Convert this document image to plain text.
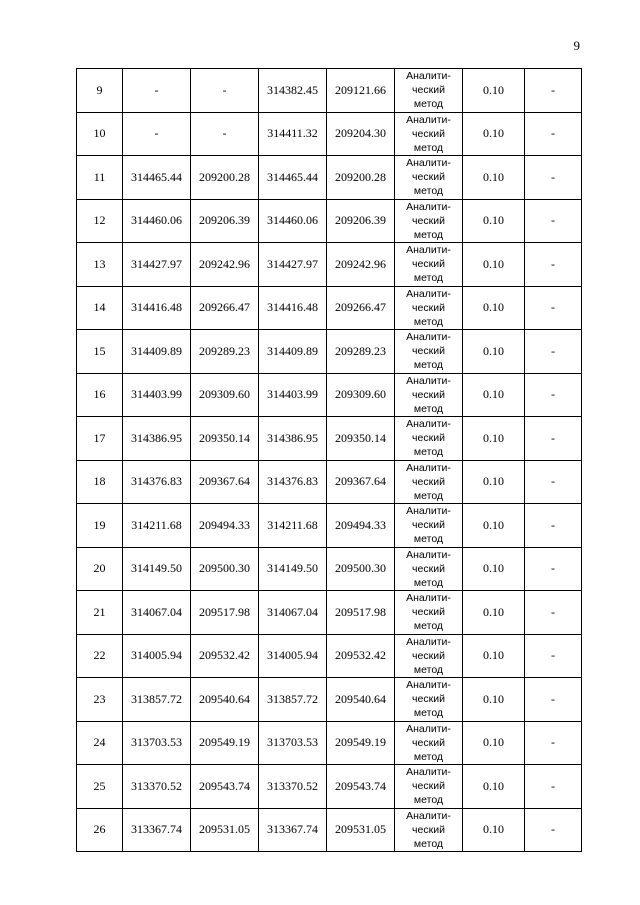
9
9	-	-	314382.45	209121.66	Аналити-
ческий
метод	0.10	-
10	-	-	314411.32	209204.30	Аналити-
ческий
метод	0.10	-
11	314465.44	209200.28	314465.44	209200.28	Аналити-
ческий
метод	0.10	-
12	314460.06	209206.39	314460.06	209206.39	Аналити-
ческий
метод	0.10	-
13	314427.97	209242.96	314427.97	209242.96	Аналити-
ческий
метод	0.10	-
14	314416.48	209266.47	314416.48	209266.47	Аналити-
ческий
метод	0.10	-
15	314409.89	209289.23	314409.89	209289.23	Аналити-
ческий
метод	0.10	-
16	314403.99	209309.60	314403.99	209309.60	Аналити-
ческий
метод	0.10	-
17	314386.95	209350.14	314386.95	209350.14	Аналити-
ческий
метод	0.10	-
18	314376.83	209367.64	314376.83	209367.64	Аналити-
ческий
метод	0.10	-
19	314211.68	209494.33	314211.68	209494.33	Аналити-
ческий
метод	0.10	-
20	314149.50	209500.30	314149.50	209500.30	Аналити-
ческий
метод	0.10	-
21	314067.04	209517.98	314067.04	209517.98	Аналити-
ческий
метод	0.10	-
22	314005.94	209532.42	314005.94	209532.42	Аналити-
ческий
метод	0.10	-
23	313857.72	209540.64	313857.72	209540.64	Аналити-
ческий
метод	0.10	-
24	313703.53	209549.19	313703.53	209549.19	Аналити-
ческий
метод	0.10	-
25	313370.52	209543.74	313370.52	209543.74	Аналити-
ческий
метод	0.10	-
26	313367.74	209531.05	313367.74	209531.05	Аналити-
ческий
метод	0.10	-
